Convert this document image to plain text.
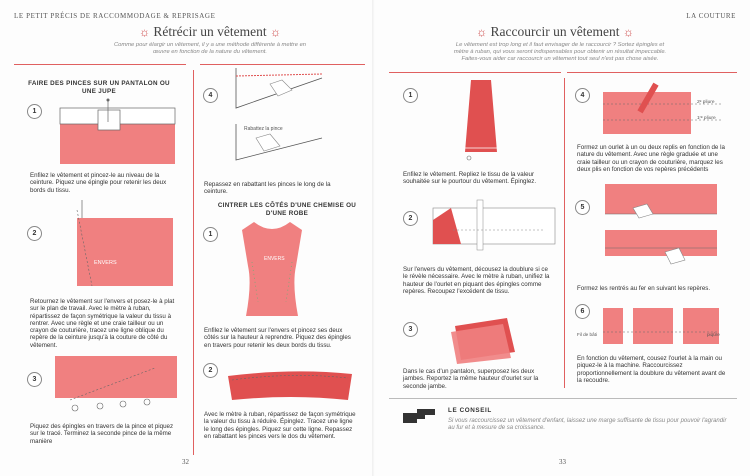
LE PETIT PRÉCIS DE RACCOMMODAGE & REPRISAGE
☼ Rétrécir un vêtement ☼
Comme pour élargir un vêtement, il y a une méthode différente à mettre en œuvre en fonction de la nature du vêtement.
FAIRE DES PINCES SUR UN PANTALON OU UNE JUPE
1
Enfilez le vêtement et pincez-le au niveau de la ceinture. Piquez une épingle pour retenir les deux bords du tissu.
2
ENVERS
Retournez le vêtement sur l'envers et posez-le à plat sur le plan de travail. Avec le mètre à ruban, répartissez de façon symétrique la valeur du tissu à rentrer. Avec une règle et une craie tailleur ou un crayon de couturière, tracez une ligne oblique du repère de la ceinture jusqu'à la couture de côté du vêtement.
3
Piquez des épingles en travers de la pince et piquez sur le tracé. Terminez la seconde pince de la même manière
4
Rabattez la pince
Repassez en rabattant les pinces le long de la ceinture.
CINTRER LES CÔTÉS D'UNE CHEMISE OU D'UNE ROBE
1
ENVERS
Enfilez le vêtement sur l'envers et pincez ses deux côtés sur la hauteur à reprendre. Piquez des épingles en travers pour retenir les deux bords du tissu.
2
Avec le mètre à ruban, répartissez de façon symétrique la valeur du tissu à réduire. Épinglez. Tracez une ligne le long des épingles. Piquez sur cette ligne. Repassez en rabattant les pinces vers le dos du vêtement.
32
LA COUTURE
☼ Raccourcir un vêtement ☼
Le vêtement est trop long et il faut envisager de le raccourcir ? Sortez épingles et mètre à ruban, qui vous seront indispensables pour obtenir un résultat impeccable. Faites-vous aider car raccourcir un vêtement tout seul n'est pas chose aisée.
1
Enfilez le vêtement. Repliez le tissu de la valeur souhaitée sur le pourtour du vêtement. Épinglez.
2
Sur l'envers du vêtement, décousez la doublure si ce le révèle nécessaire. Avec le mètre à ruban, unifiez la hauteur de l'ourlet en piquant des épingles comme repères. Recoupez l'excédent de tissu.
3
Dans le cas d'un pantalon, superposez les deux jambes. Reportez la même hauteur d'ourlet sur la seconde jambe.
4
2ᵉ pliure
1ʳᵉ pliure
Formez un ourlet à un ou deux replis en fonction de la nature du vêtement. Avec une règle graduée et une craie tailleur ou un crayon de couturière, marquez les deux plis en fonction de vos repères précédents
5
Formez les rentrés au fer en suivant les repères.
6
Fil de bâti	piqûre
En fonction du vêtement, cousez l'ourlet à la main ou piquez-le à la machine. Raccourcissez proportionnellement la doublure du vêtement avant de la recoudre.
LE CONSEIL
Si vous raccourcissez un vêtement d'enfant, laissez une marge suffisante de tissu pour pouvoir l'agrandir au fur et à mesure de sa croissance.
33
